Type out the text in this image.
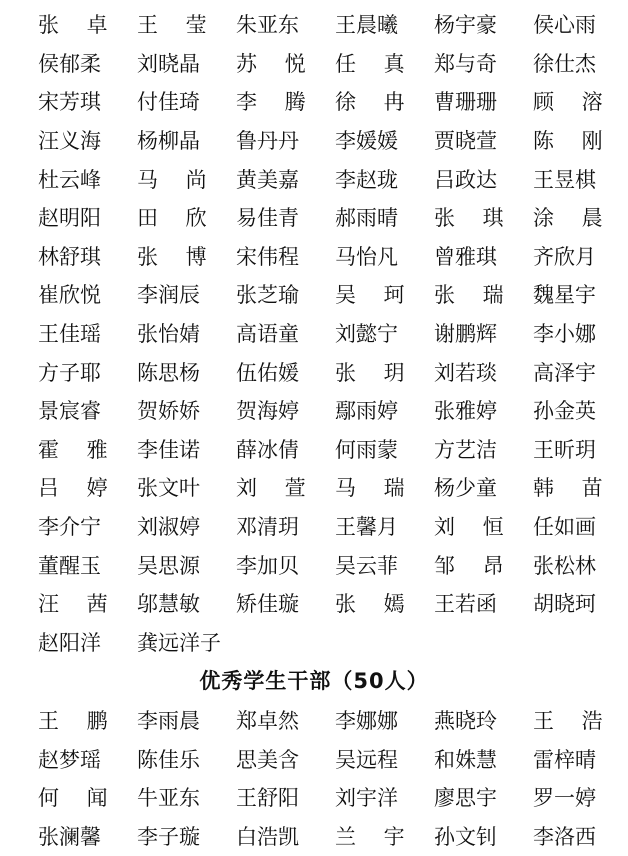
张 卓	王 莹	朱亚东	王晨曦	杨宇豪	侯心雨
侯郁柔	刘晓晶	苏 悦	任 真	郑与奇	徐仕杰
宋芳琪	付佳琦	李 腾	徐 冉	曹珊珊	顾 溶
汪义海	杨柳晶	鲁丹丹	李媛媛	贾晓萱	陈 刚
杜云峰	马 尚	黄美嘉	李赵珑	吕政达	王昱棋
赵明阳	田 欣	易佳青	郝雨晴	张 琪	涂 晨
林舒琪	张 博	宋伟程	马怡凡	曾雅琪	齐欣月
崔欣悦	李润辰	张芝瑜	吴 珂	张 瑞	魏星宇
王佳瑶	张怡婧	高语童	刘懿宁	谢鹏辉	李小娜
方子耶	陈思杨	伍佑媛	张 玥	刘若琰	高泽宇
景宸睿	贺娇娇	贺海婷	鄢雨婷	张雅婷	孙金英
霍 雅	李佳诺	薛冰倩	何雨蒙	方艺洁	王昕玥
吕 婷	张文叶	刘 萱	马 瑞	杨少童	韩 苗
李介宁	刘淑婷	邓清玥	王馨月	刘 恒	任如画
董醒玉	吴思源	李加贝	吴云菲	邹 昂	张松林
汪 茜	邬慧敏	矫佳璇	张 嫣	王若函	胡晓珂
赵阳洋	龚远洋子
优秀学生干部（50人）
王 鹏	李雨晨	郑卓然	李娜娜	燕晓玲	王 浩
赵梦瑶	陈佳乐	思美含	吴远程	和姝慧	雷梓晴
何 闻	牛亚东	王舒阳	刘宇洋	廖思宇	罗一婷
张澜馨	李子璇	白浩凯	兰 宇	孙文钊	李洛西
